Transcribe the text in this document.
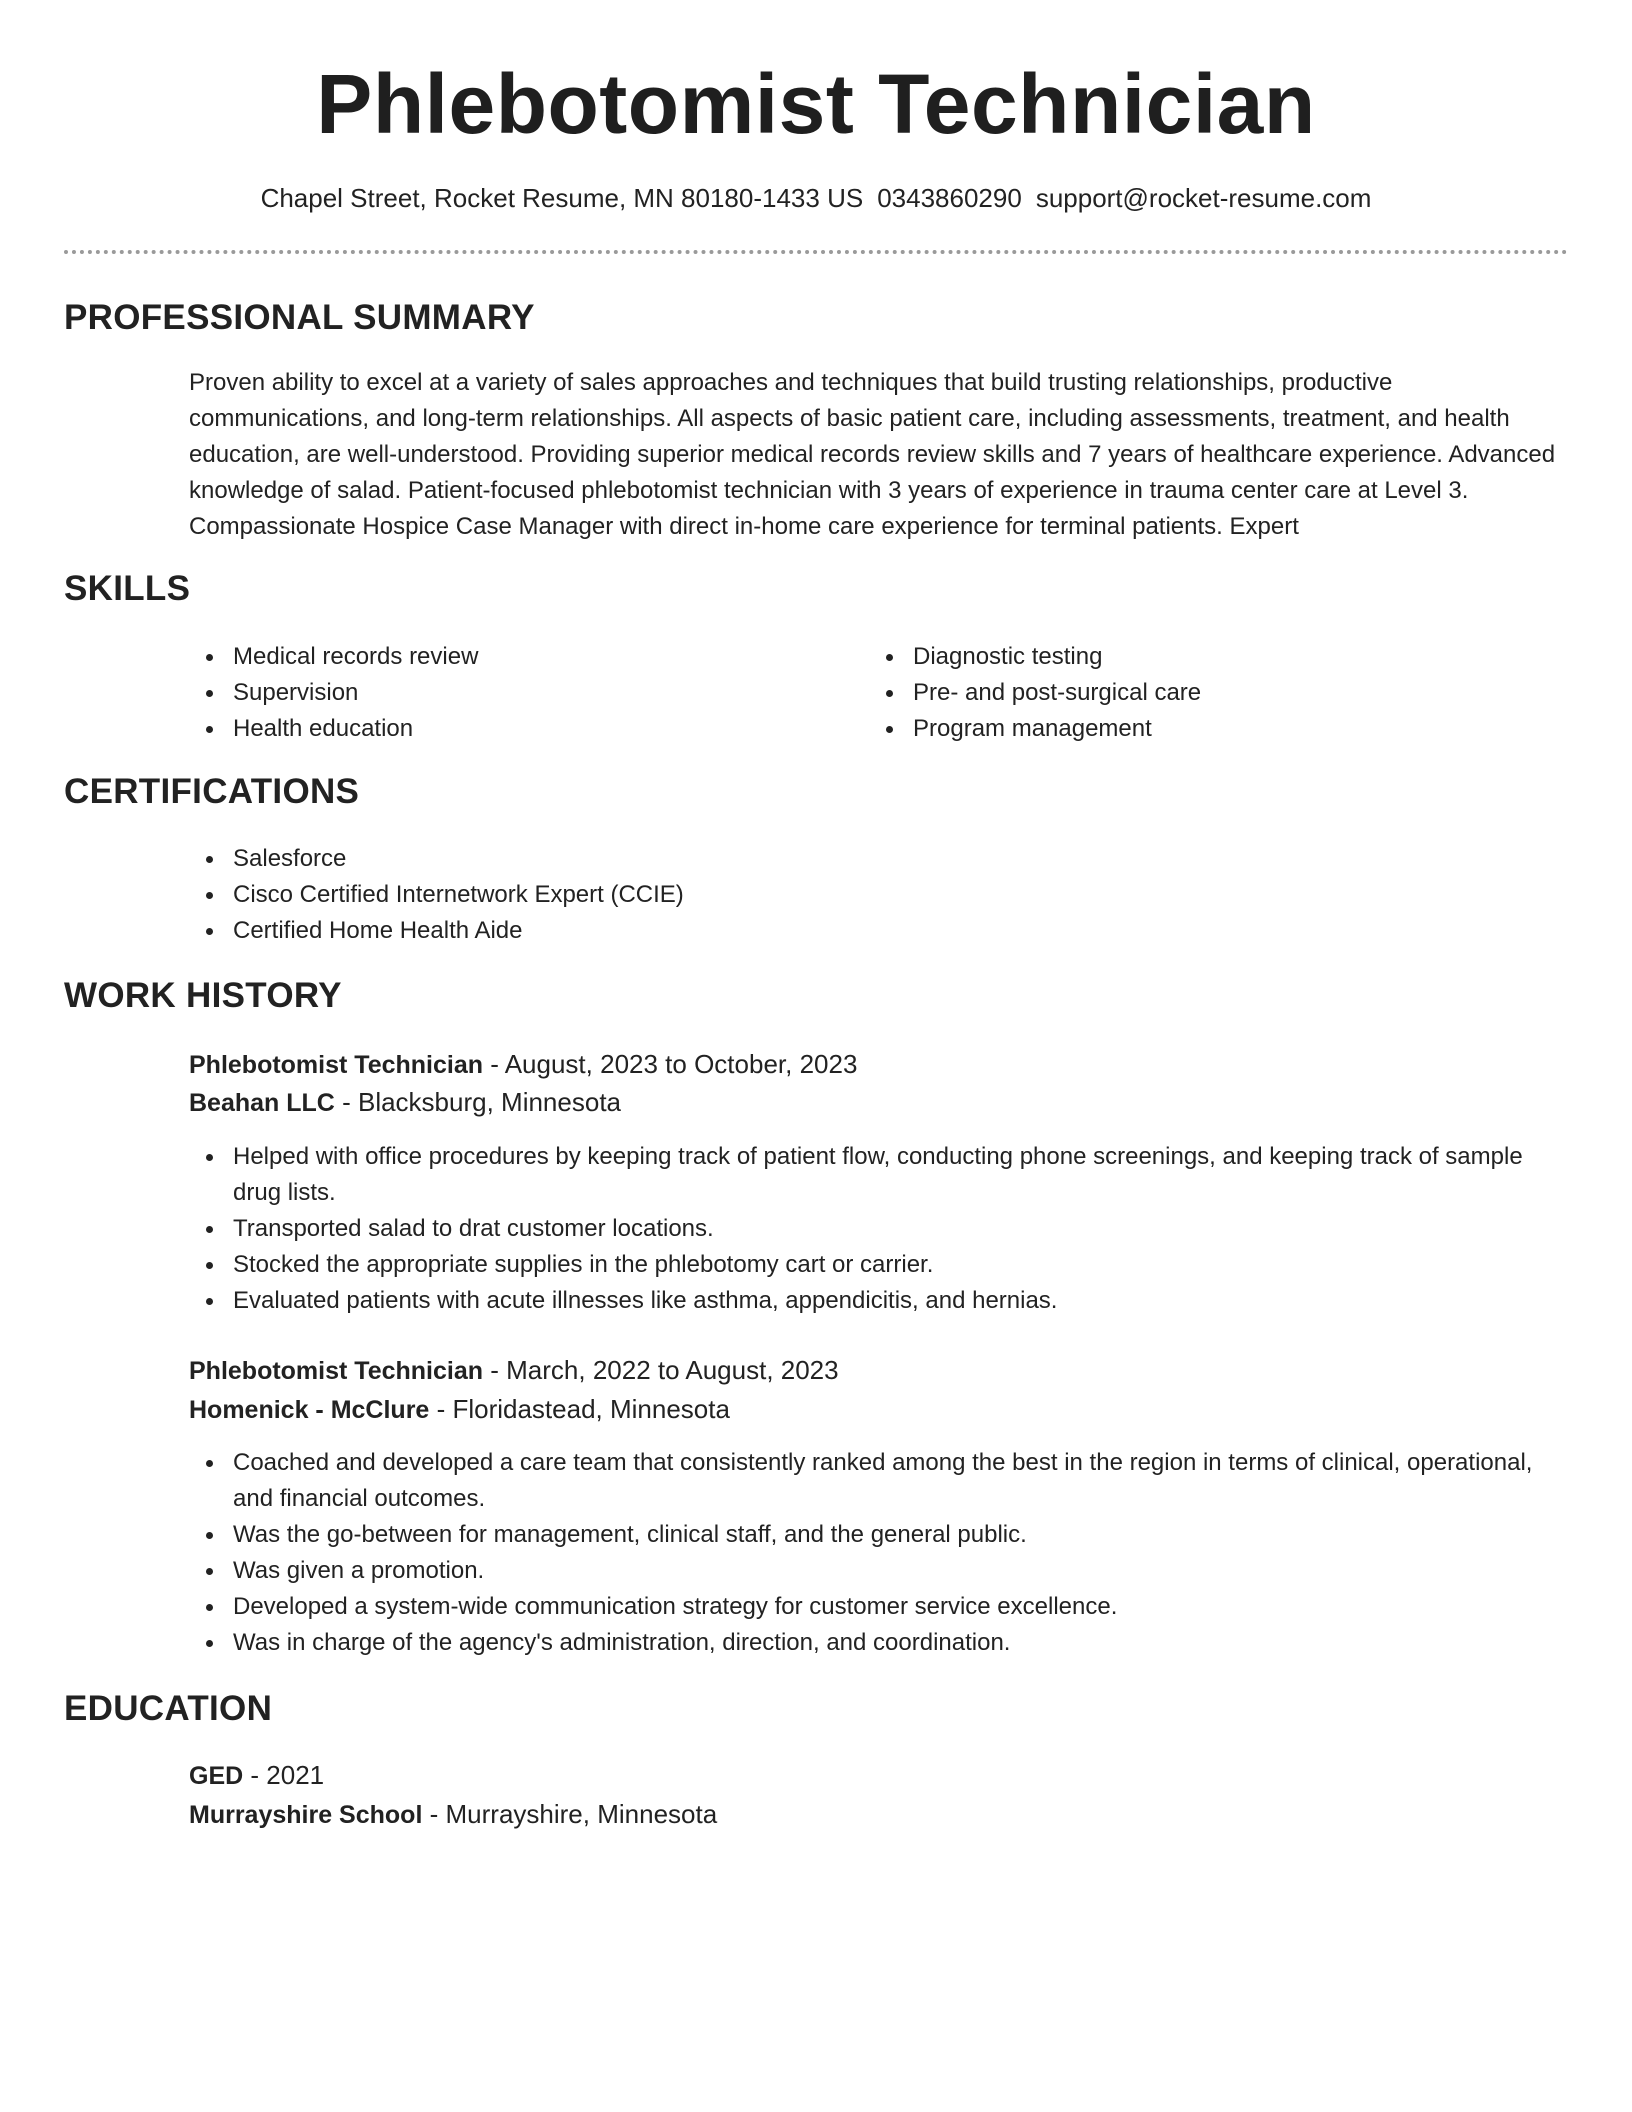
Phlebotomist Technician
Chapel Street, Rocket Resume, MN 80180-1433 US 0343860290 support@rocket-resume.com
PROFESSIONAL SUMMARY

Proven ability to excel at a variety of sales approaches and techniques that build trusting relationships, productive communications, and long-term relationships. All aspects of basic patient care, including assessments, treatment, and health education, are well-understood. Providing superior medical records review skills and 7 years of healthcare experience. Advanced knowledge of salad. Patient-focused phlebotomist technician with 3 years of experience in trauma center care at Level 3. Compassionate Hospice Case Manager with direct in-home care experience for terminal patients. Expert

SKILLS
Medical records review
Supervision
Health education
Diagnostic testing
Pre- and post-surgical care
Program management
CERTIFICATIONS
Salesforce
Cisco Certified Internetwork Expert (CCIE)
Certified Home Health Aide
WORK HISTORY
Phlebotomist Technician - August, 2023 to October, 2023
Beahan LLC - Blacksburg, Minnesota
Helped with office procedures by keeping track of patient flow, conducting phone screenings, and keeping track of sample drug lists.
Transported salad to drat customer locations.
Stocked the appropriate supplies in the phlebotomy cart or carrier.
Evaluated patients with acute illnesses like asthma, appendicitis, and hernias.
Phlebotomist Technician - March, 2022 to August, 2023
Homenick - McClure - Floridastead, Minnesota
Coached and developed a care team that consistently ranked among the best in the region in terms of clinical, operational, and financial outcomes.
Was the go-between for management, clinical staff, and the general public.
Was given a promotion.
Developed a system-wide communication strategy for customer service excellence.
Was in charge of the agency's administration, direction, and coordination.
EDUCATION
GED - 2021
Murrayshire School - Murrayshire, Minnesota
